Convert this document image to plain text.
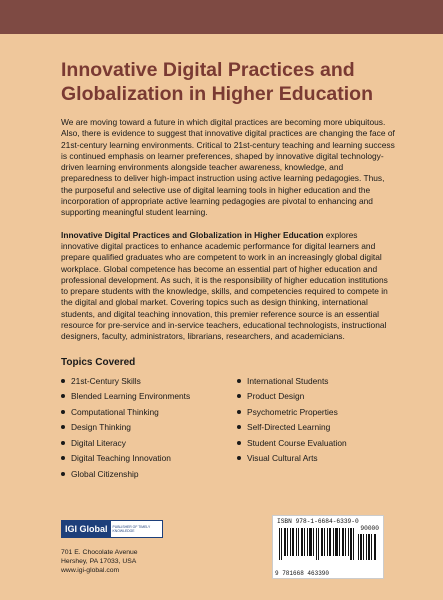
Innovative Digital Practices and
Globalization in Higher Education

We are moving toward a future in which digital practices are becoming more ubiquitous. Also, there is evidence to suggest that innovative digital practices are changing the face of 21st-century learning environments. Critical to 21st-century teaching and learning success is continued emphasis on learner preferences, shaped by innovative digital technology-driven learning environments alongside teacher awareness, knowledge, and preparedness to deliver high-impact instruction using active learning pedagogies. Thus, the purposeful and selective use of digital learning tools in higher education and the incorporation of appropriate active learning pedagogies are pivotal to enhancing and supporting meaningful student learning.

Innovative Digital Practices and Globalization in Higher Education explores innovative digital practices to enhance academic performance for digital learners and prepare qualified graduates who are competent to work in an increasingly global digital workplace. Global competence has become an essential part of higher education and professional development. As such, it is the responsibility of higher education institutions to prepare students with the knowledge, skills, and competencies required to compete in the digital and global market. Covering topics such as design thinking, international students, and digital teaching innovation, this premier reference source is an essential resource for pre-service and in-service teachers, educational technologists, instructional designers, faculty, administrators, librarians, researchers, and academicians.

Topics Covered
21st-Century Skills
Blended Learning Environments
Computational Thinking
Design Thinking
Digital Literacy
Digital Teaching Innovation
Global Citizenship
International Students
Product Design
Psychometric Properties
Self-Directed Learning
Student Course Evaluation
Visual Cultural Arts
IGI Global	PUBLISHER OF TIMELY KNOWLEDGE
701 E. Chocolate Avenue
Hershey, PA 17033, USA
www.igi-global.com
ISBN 978-1-6684-6339-0
90000
9 781668 463390
